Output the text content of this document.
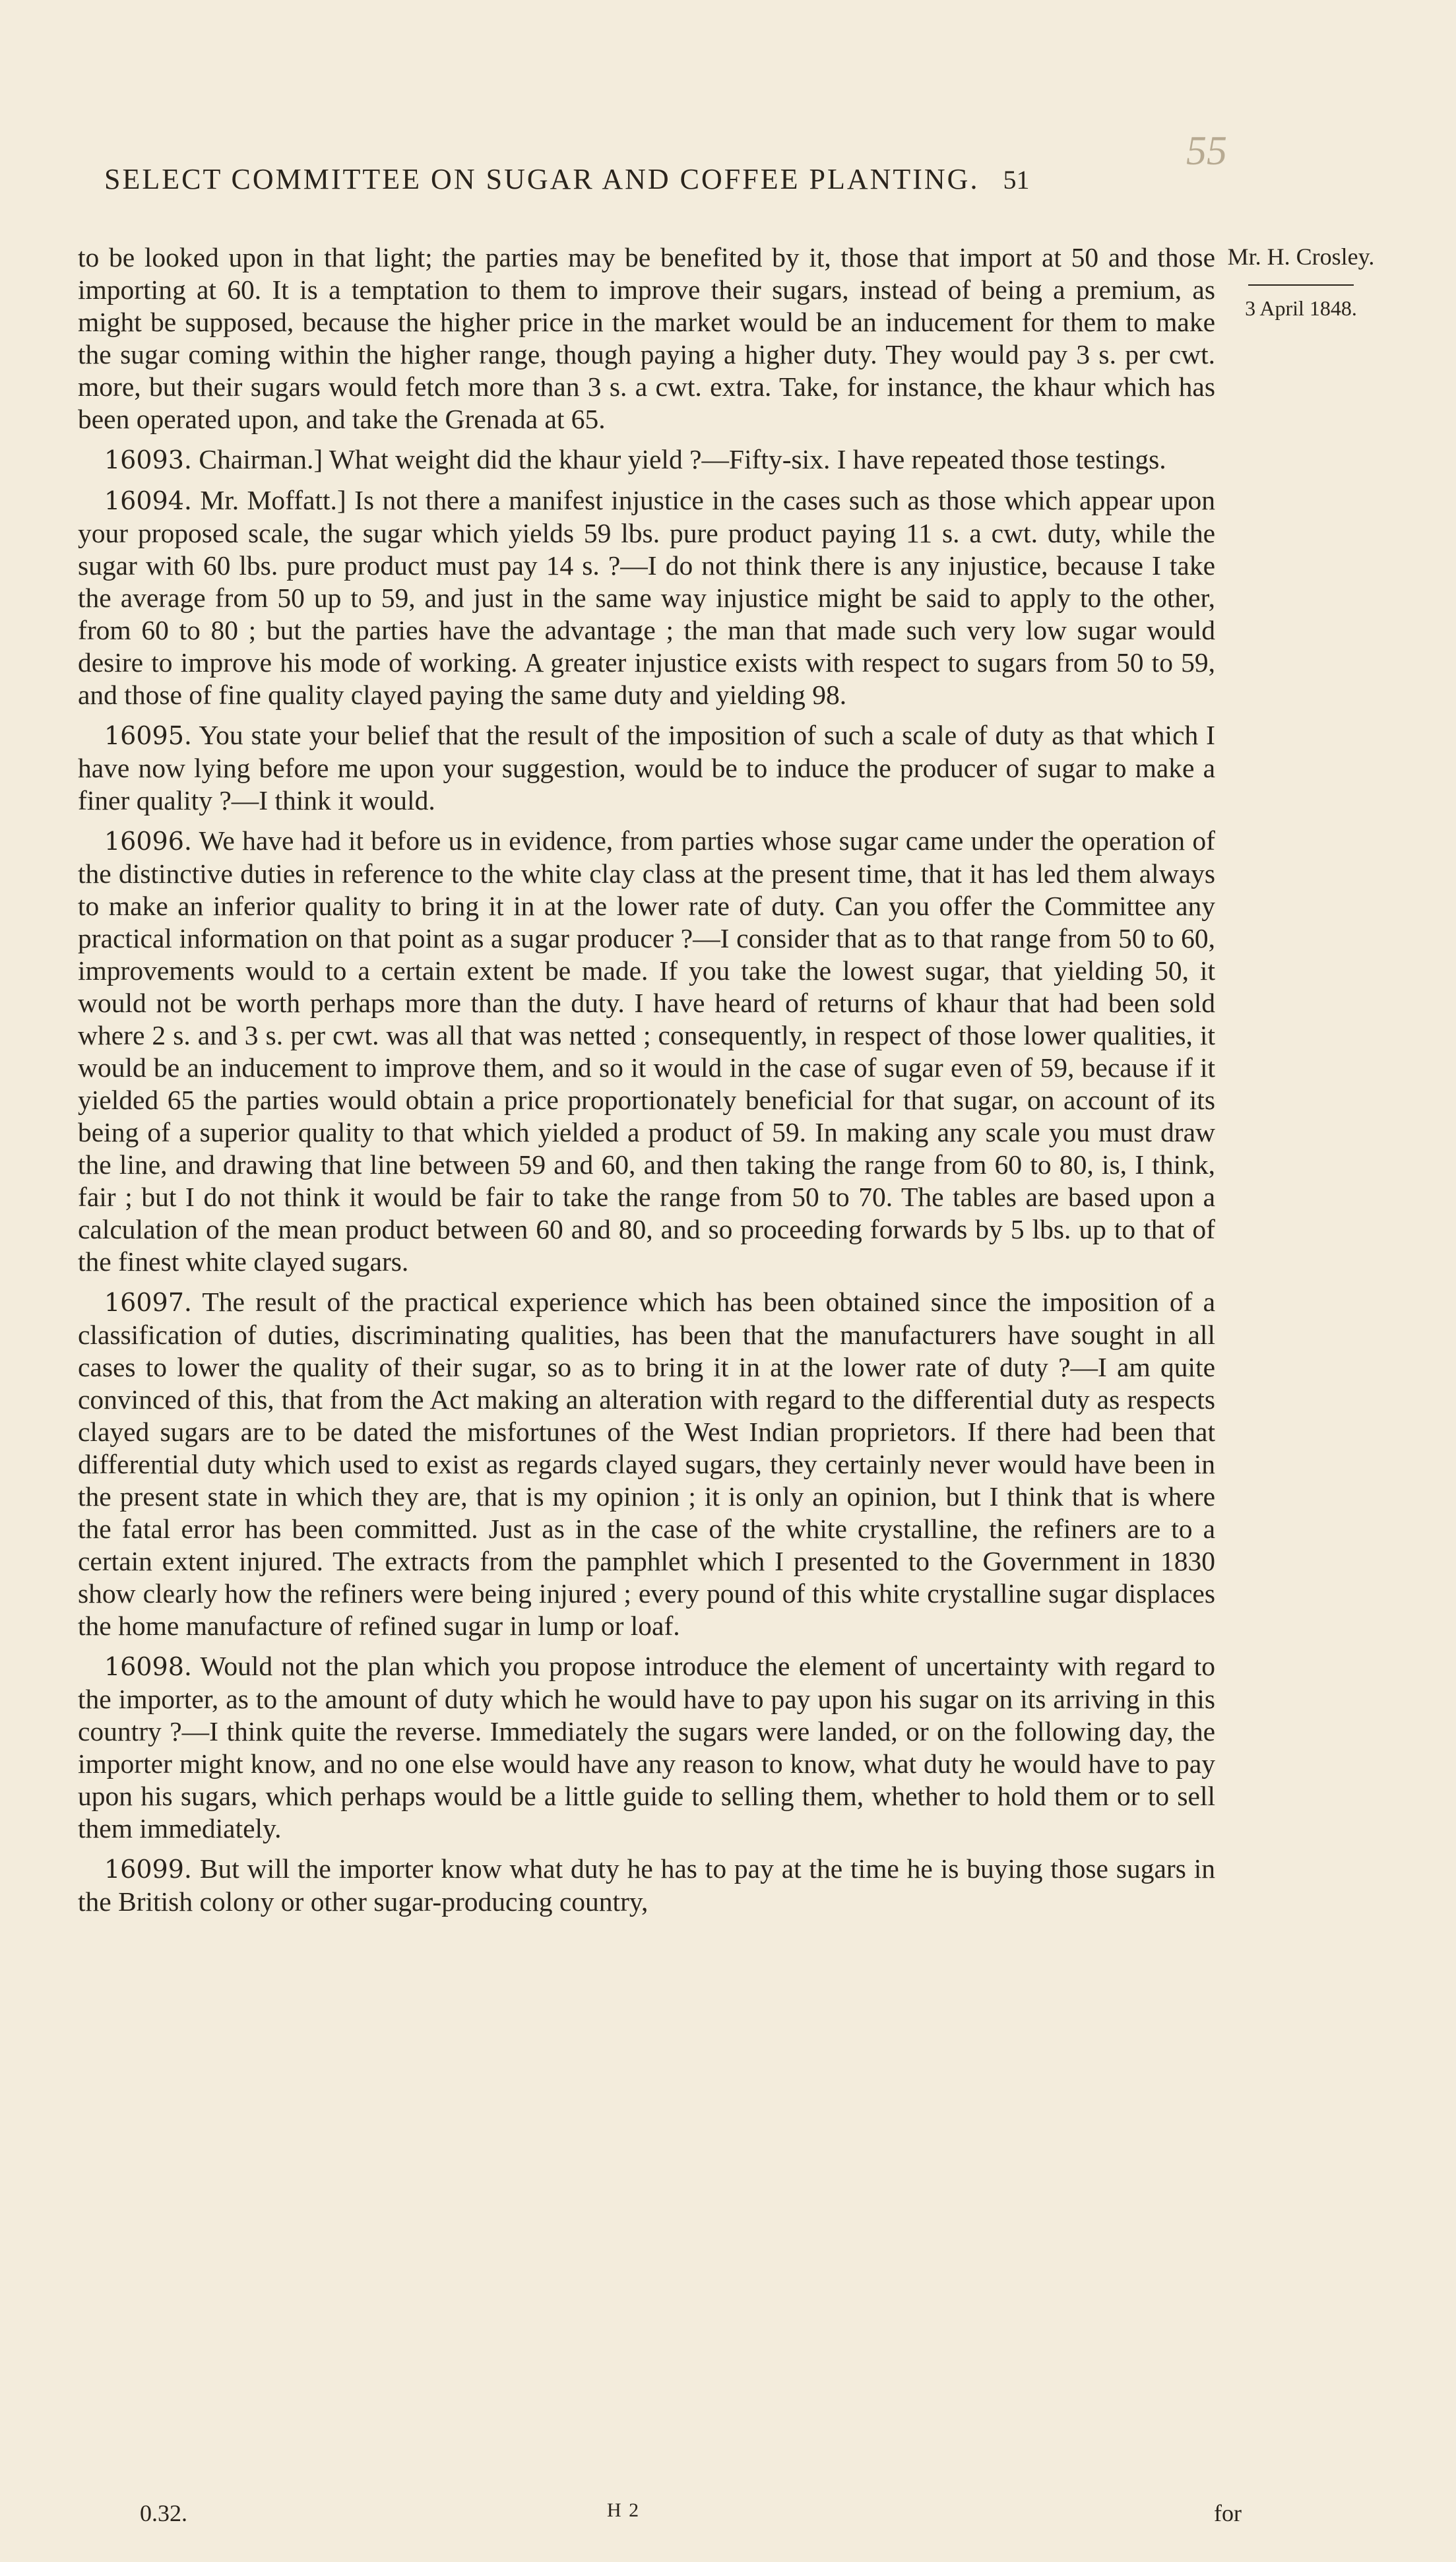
SELECT COMMITTEE ON SUGAR AND COFFEE PLANTING. 51
55
Mr. H. Crosley.
3 April 1848.

to be looked upon in that light; the parties may be benefited by it, those that import at 50 and those importing at 60. It is a temptation to them to improve their sugars, instead of being a premium, as might be supposed, because the higher price in the market would be an inducement for them to make the sugar coming within the higher range, though paying a higher duty. They would pay 3 s. per cwt. more, but their sugars would fetch more than 3 s. a cwt. extra. Take, for instance, the khaur which has been operated upon, and take the Grenada at 65.

16093. Chairman.] What weight did the khaur yield ?—Fifty-six. I have repeated those testings.

16094. Mr. Moffatt.] Is not there a manifest injustice in the cases such as those which appear upon your proposed scale, the sugar which yields 59 lbs. pure product paying 11 s. a cwt. duty, while the sugar with 60 lbs. pure product must pay 14 s. ?—I do not think there is any injustice, because I take the average from 50 up to 59, and just in the same way injustice might be said to apply to the other, from 60 to 80 ; but the parties have the advantage ; the man that made such very low sugar would desire to improve his mode of working. A greater injustice exists with respect to sugars from 50 to 59, and those of fine quality clayed paying the same duty and yielding 98.

16095. You state your belief that the result of the imposition of such a scale of duty as that which I have now lying before me upon your suggestion, would be to induce the producer of sugar to make a finer quality ?—I think it would.

16096. We have had it before us in evidence, from parties whose sugar came under the operation of the distinctive duties in reference to the white clay class at the present time, that it has led them always to make an inferior quality to bring it in at the lower rate of duty. Can you offer the Committee any practical information on that point as a sugar producer ?—I consider that as to that range from 50 to 60, improvements would to a certain extent be made. If you take the lowest sugar, that yielding 50, it would not be worth perhaps more than the duty. I have heard of returns of khaur that had been sold where 2 s. and 3 s. per cwt. was all that was netted ; consequently, in respect of those lower qualities, it would be an inducement to improve them, and so it would in the case of sugar even of 59, because if it yielded 65 the parties would obtain a price proportionately beneficial for that sugar, on account of its being of a superior quality to that which yielded a product of 59. In making any scale you must draw the line, and drawing that line between 59 and 60, and then taking the range from 60 to 80, is, I think, fair ; but I do not think it would be fair to take the range from 50 to 70. The tables are based upon a calculation of the mean product between 60 and 80, and so proceeding forwards by 5 lbs. up to that of the finest white clayed sugars.

16097. The result of the practical experience which has been obtained since the imposition of a classification of duties, discriminating qualities, has been that the manufacturers have sought in all cases to lower the quality of their sugar, so as to bring it in at the lower rate of duty ?—I am quite convinced of this, that from the Act making an alteration with regard to the differential duty as respects clayed sugars are to be dated the misfortunes of the West Indian proprietors. If there had been that differential duty which used to exist as regards clayed sugars, they certainly never would have been in the present state in which they are, that is my opinion ; it is only an opinion, but I think that is where the fatal error has been committed. Just as in the case of the white crystalline, the refiners are to a certain extent injured. The extracts from the pamphlet which I presented to the Government in 1830 show clearly how the refiners were being injured ; every pound of this white crystalline sugar displaces the home manufacture of refined sugar in lump or loaf.

16098. Would not the plan which you propose introduce the element of uncertainty with regard to the importer, as to the amount of duty which he would have to pay upon his sugar on its arriving in this country ?—I think quite the reverse. Immediately the sugars were landed, or on the following day, the importer might know, and no one else would have any reason to know, what duty he would have to pay upon his sugars, which perhaps would be a little guide to selling them, whether to hold them or to sell them immediately.

16099. But will the importer know what duty he has to pay at the time he is buying those sugars in the British colony or other sugar-producing country,

0.32.	H 2	for
